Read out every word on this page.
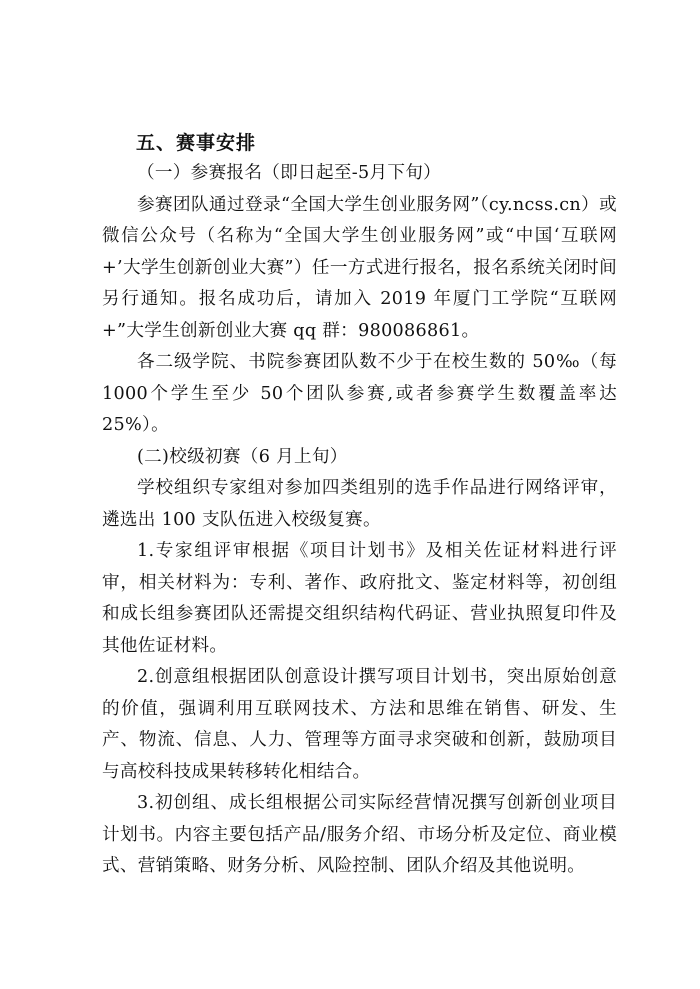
五、赛事安排

（一）参赛报名（即日起至-5月下旬）

参赛团队通过登录“全国大学生创业服务网”（cy.ncss.cn）或微信公众号（名称为“全国大学生创业服务网”或“中国‘互联网+’大学生创新创业大赛”）任一方式进行报名，报名系统关闭时间另行通知。报名成功后，请加入 2019 年厦门工学院“互联网+”大学生创新创业大赛 qq 群：980086861。

各二级学院、书院参赛团队数不少于在校生数的 50‰（每 1000个学生至少 50个团队参赛,或者参赛学生数覆盖率达 25%）。

(二)校级初赛（6 月上旬）

学校组织专家组对参加四类组别的选手作品进行网络评审，遴选出 100 支队伍进入校级复赛。

1.专家组评审根据《项目计划书》及相关佐证材料进行评审，相关材料为：专利、著作、政府批文、鉴定材料等，初创组和成长组参赛团队还需提交组织结构代码证、营业执照复印件及其他佐证材料。

2.创意组根据团队创意设计撰写项目计划书，突出原始创意的价值，强调利用互联网技术、方法和思维在销售、研发、生产、物流、信息、人力、管理等方面寻求突破和创新，鼓励项目与高校科技成果转移转化相结合。

3.初创组、成长组根据公司实际经营情况撰写创新创业项目计划书。内容主要包括产品/服务介绍、市场分析及定位、商业模式、营销策略、财务分析、风险控制、团队介绍及其他说明。
